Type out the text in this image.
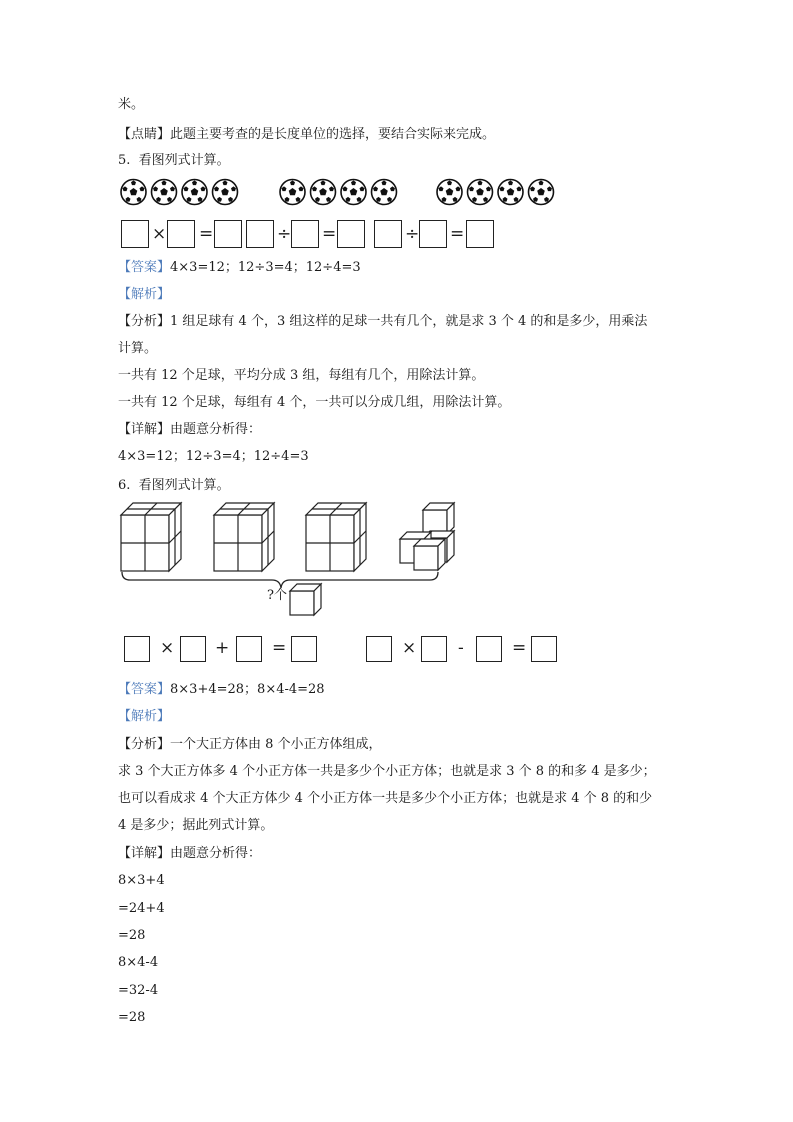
米。
【点睛】此题主要考查的是长度单位的选择，要结合实际来完成。
5. 看图列式计算。
× =	÷ =	÷ =
【答案】4×3=12；12÷3=4；12÷4=3
【解析】
【分析】1 组足球有 4 个，3 组这样的足球一共有几个，就是求 3 个 4 的和是多少，用乘法
计算。
一共有 12 个足球，平均分成 3 组，每组有几个，用除法计算。
一共有 12 个足球，每组有 4 个，一共可以分成几组，用除法计算。
【详解】由题意分析得：
4×3=12；12÷3=4；12÷4=3
6. 看图列式计算。
?个
× +	=	× -	=
【答案】8×3+4=28；8×4-4=28
【解析】
【分析】一个大正方体由 8 个小正方体组成，
求 3 个大正方体多 4 个小正方体一共是多少个小正方体；也就是求 3 个 8 的和多 4 是多少；
也可以看成求 4 个大正方体少 4 个小正方体一共是多少个小正方体；也就是求 4 个 8 的和少
4 是多少；据此列式计算。
【详解】由题意分析得：
8×3+4
=24+4
=28
8×4-4
=32-4
=28
